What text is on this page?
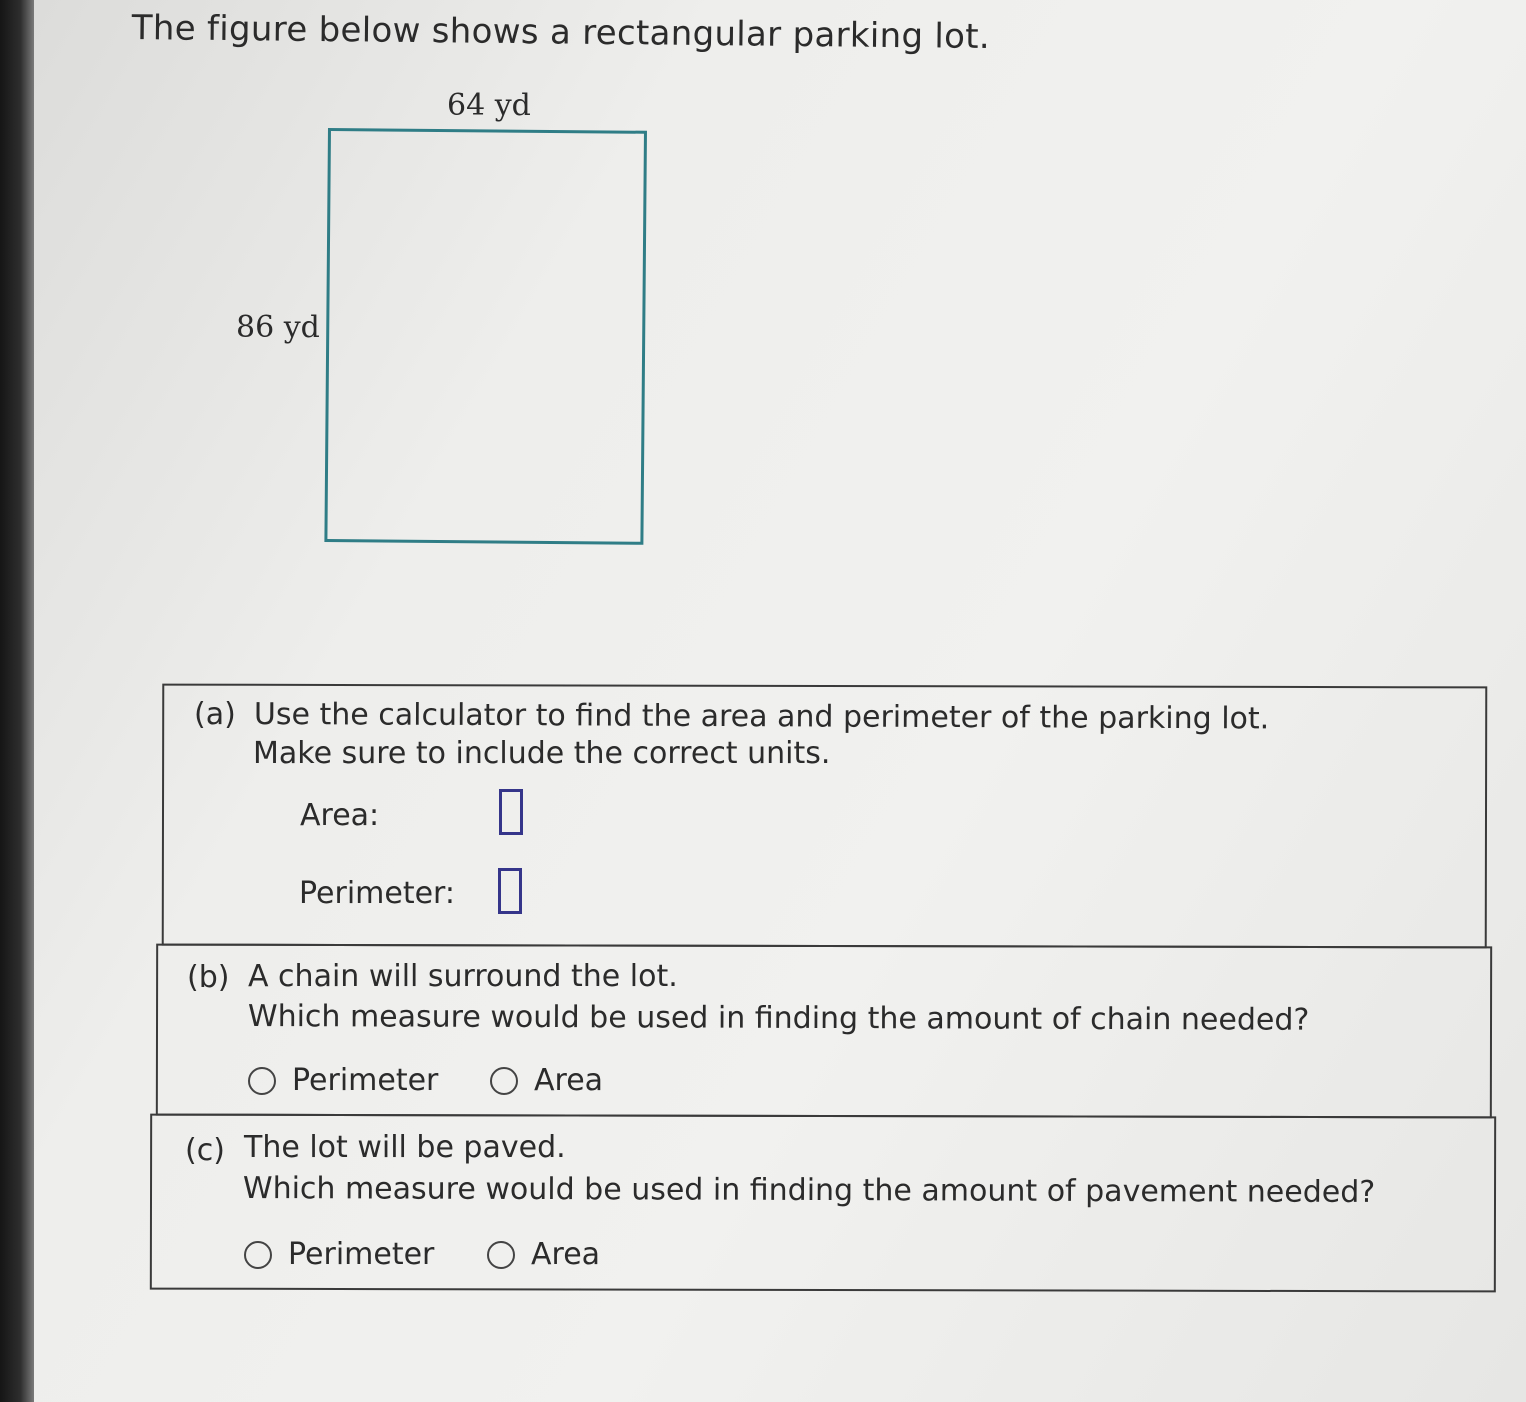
The figure below shows a rectangular parking lot.
64 yd
86 yd
(a) Use the calculator to find the area and perimeter of the parking lot.
Make sure to include the correct units.
Area:
Perimeter:
(b) A chain will surround the lot.
Which measure would be used in finding the amount of chain needed?
Perimeter	Area
(c) The lot will be paved.
Which measure would be used in finding the amount of pavement needed?
Perimeter	Area
